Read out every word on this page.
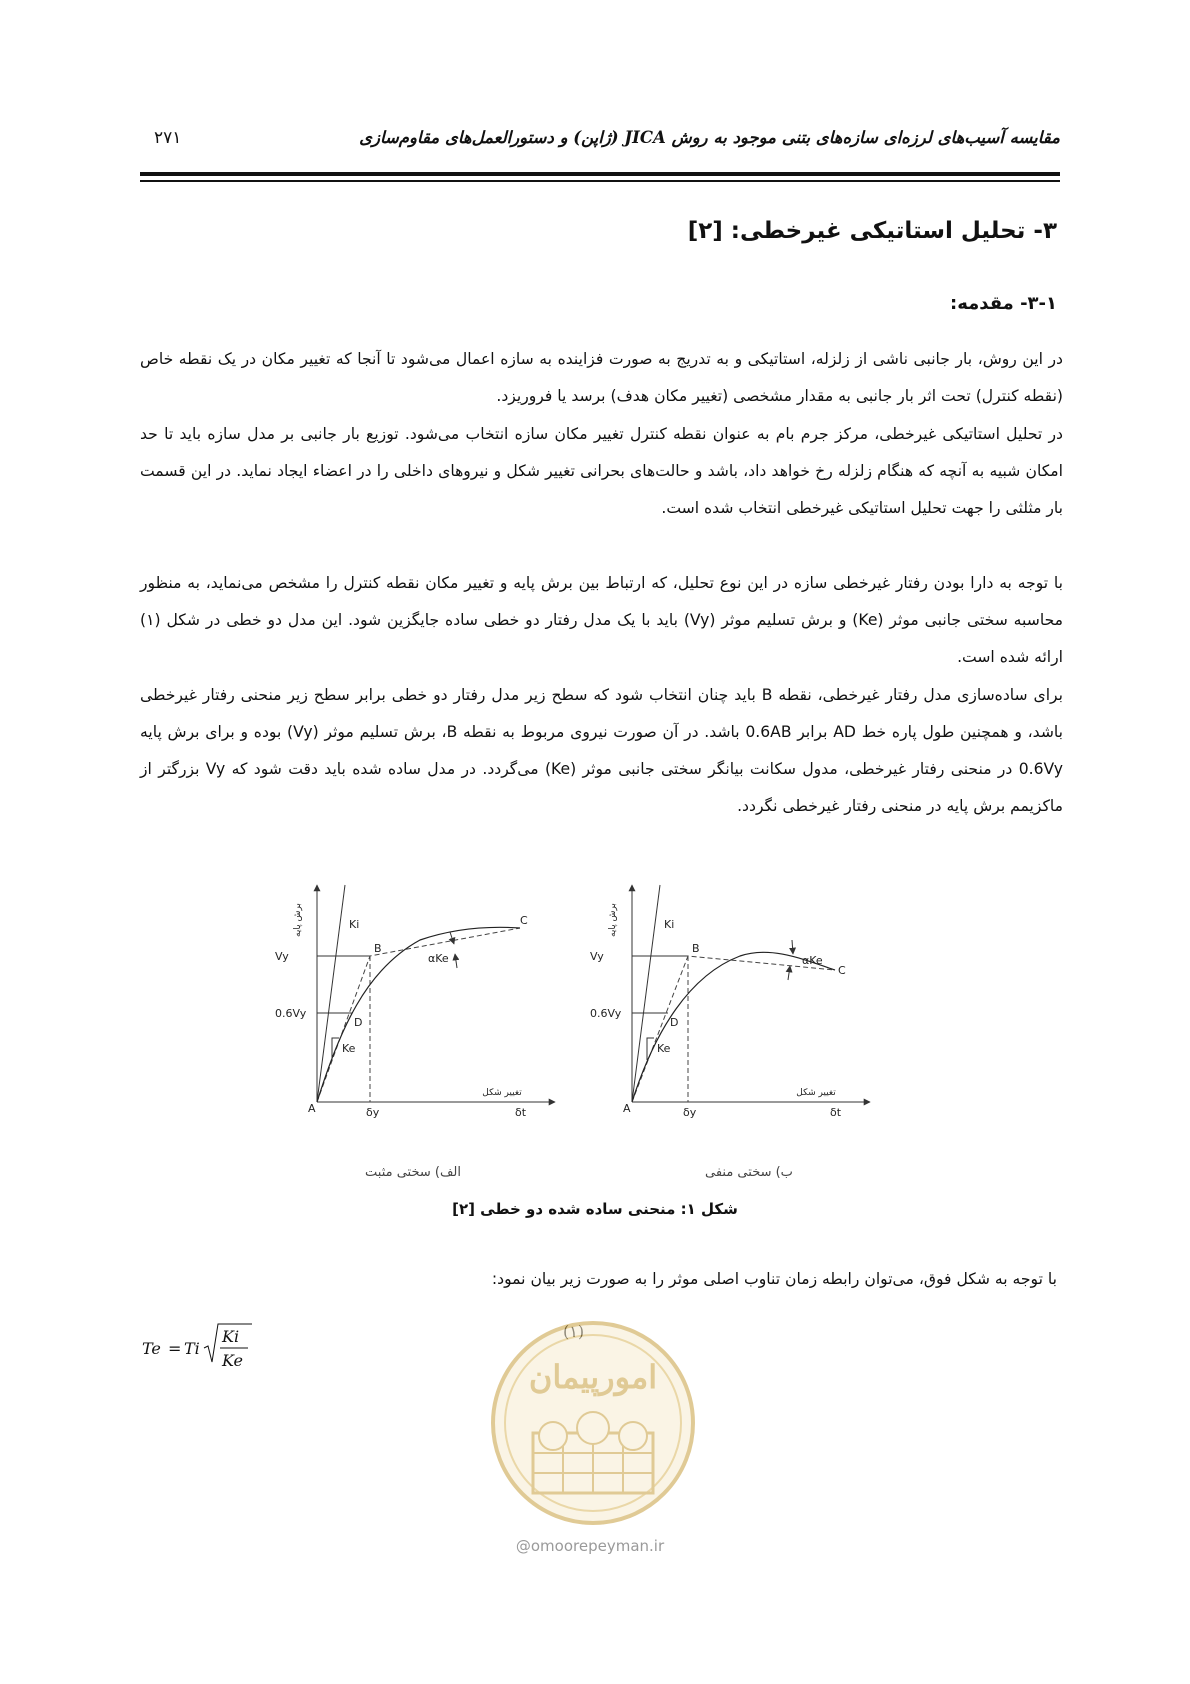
مقایسه آسیب‌های لرزه‌ای سازه‌های بتنی موجود به روش JICA (ژاپن) و دستورالعمل‌های مقاوم‌سازی
۲۷۱
۳- تحلیل استاتیکی غیرخطی: [۲]
۳-۱- مقدمه:
در این روش، بار جانبی ناشی از زلزله، استاتیکی و به تدریج به صورت فزاینده به سازه اعمال می‌شود تا آنجا که تغییر مکان در یک نقطه خاص (نقطه کنترل) تحت اثر بار جانبی به مقدار مشخصی (تغییر مکان هدف) برسد یا فروریزد.
در تحلیل استاتیکی غیرخطی، مرکز جرم بام به عنوان نقطه کنترل تغییر مکان سازه انتخاب می‌شود. توزیع بار جانبی بر مدل سازه باید تا حد امکان شبیه به آنچه که هنگام زلزله رخ خواهد داد، باشد و حالت‌های بحرانی تغییر شکل و نیروهای داخلی را در اعضاء ایجاد نماید. در این قسمت بار مثلثی را جهت تحلیل استاتیکی غیرخطی انتخاب شده است.
با توجه به دارا بودن رفتار غیرخطی سازه در این نوع تحلیل، که ارتباط بین برش پایه و تغییر مکان نقطه کنترل را مشخص می‌نماید، به منظور محاسبه سختی جانبی موثر (Ke) و برش تسلیم موثر (Vy) باید با یک مدل رفتار دو خطی ساده جایگزین شود. این مدل دو خطی در شکل (۱) ارائه شده است.
برای ساده‌سازی مدل رفتار غیرخطی، نقطه B باید چنان انتخاب شود که سطح زیر مدل رفتار دو خطی برابر سطح زیر منحنی رفتار غیرخطی باشد، و همچنین طول پاره خط AD برابر 0.6AB باشد. در آن صورت نیروی مربوط به نقطه B، برش تسلیم موثر (Vy) بوده و برای برش پایه 0.6Vy در منحنی رفتار غیرخطی، مدول سکانت بیانگر سختی جانبی موثر (Ke) می‌گردد. در مدل ساده شده باید دقت شود که Vy بزرگتر از ماکزیمم برش پایه در منحنی رفتار غیرخطی نگردد.
برش پایه
تغییر شکل
Ki
Vy
0.6Vy
Ke
αKe
A
B
C
D
δy	δt
برش پایه
تغییر شکل
Ki
Vy
0.6Vy
Ke
αKe
A
B
C
D
δy	δt
الف) سختی مثبت	ب) سختی منفی
شکل ۱: منحنی ساده شده دو خطی [۲]
با توجه به شکل فوق، می‌توان رابطه زمان تناوب اصلی موثر را به صورت زیر بیان نمود:
Te = Ti
Ki
Ke	امورپیمان
@omoorepeyman.ir
